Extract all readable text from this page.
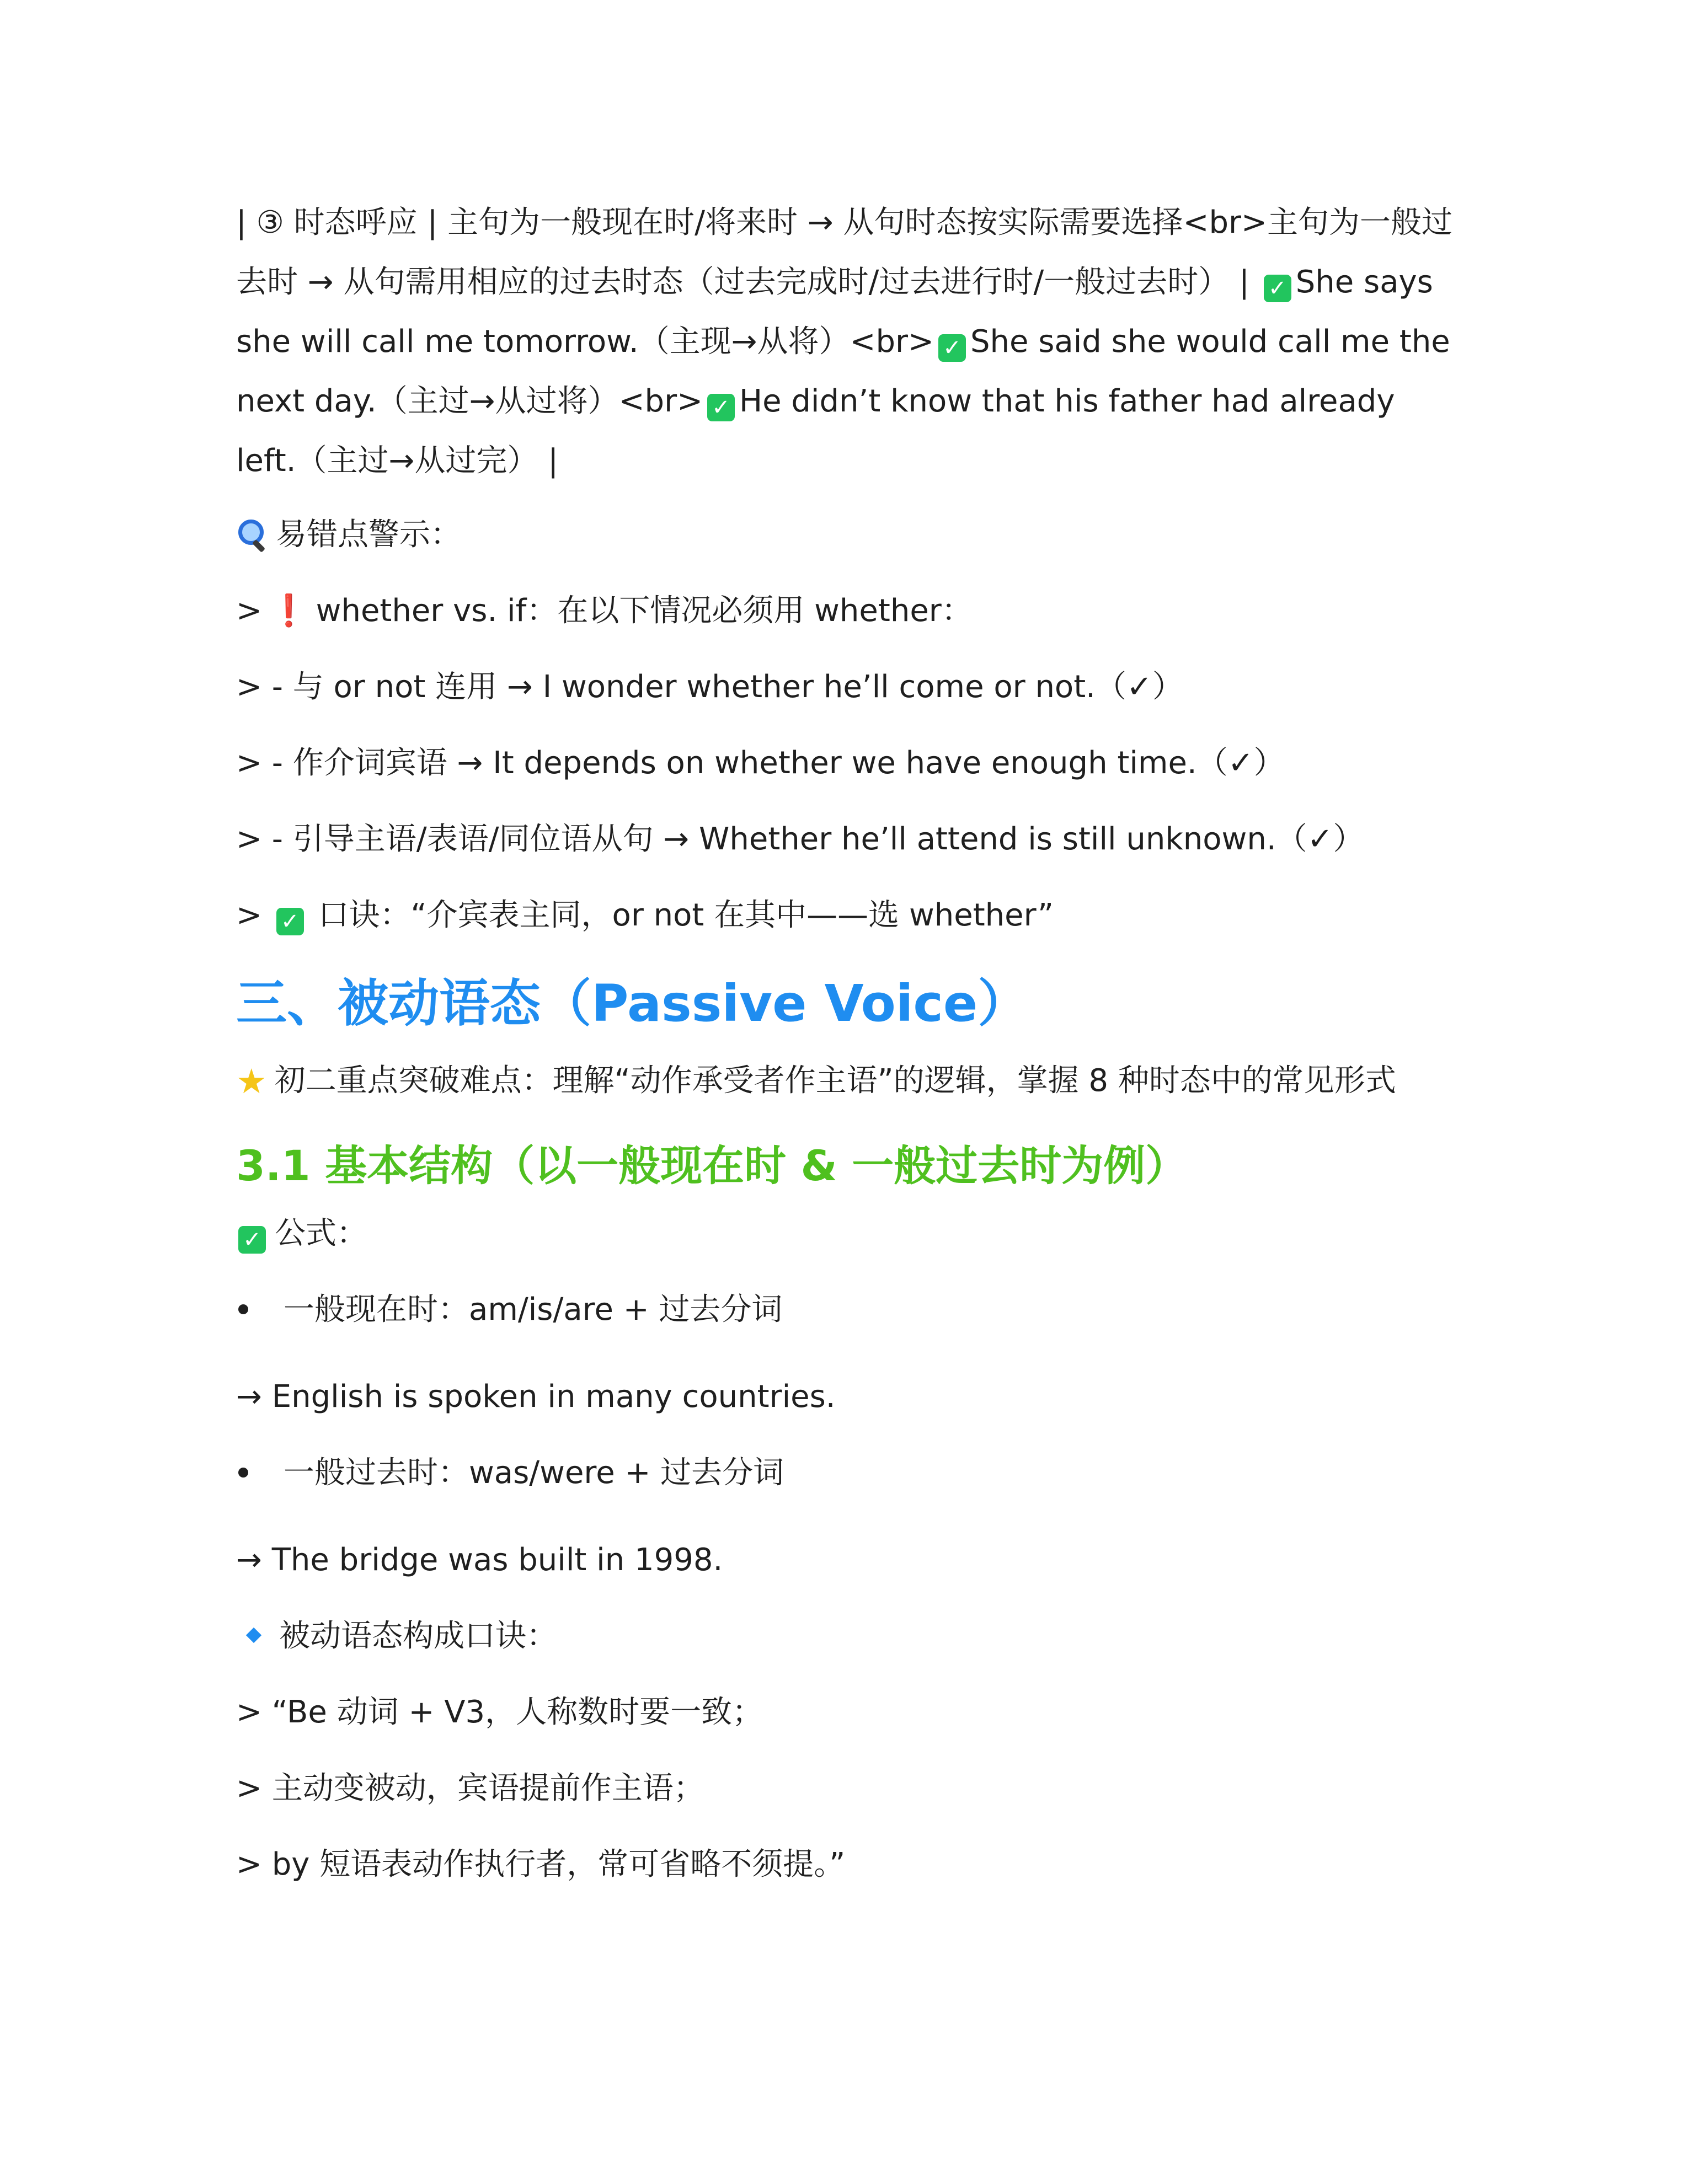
| ③ 时态呼应 | 主句为一般现在时/将来时 → 从句时态按实际需要选择<br>主句为一般过去时 → 从句需用相应的过去时态（过去完成时/过去进行时/一般过去时） | ✓ She says she will call me tomorrow.（主现→从将）<br> ✓ She said she would call me the next day.（主过→从过将）<br> ✓ He didn’t know that his father had already left.（主过→从过完） |

易错点警示：
> ❗ whether vs. if：在以下情况必须用 whether：
> - 与 or not 连用 → I wonder whether he’ll come or not.（✓）
> - 作介词宾语 → It depends on whether we have enough time.（✓）
> - 引导主语/表语/同位语从句 → Whether he’ll attend is still unknown.（✓）
> ✓ 口诀：“介宾表主同，or not 在其中——选 whether”
三、被动语态（Passive Voice）
★ 初二重点突破难点：理解“动作承受者作主语”的逻辑，掌握 8 种时态中的常见形式
3.1 基本结构（以一般现在时 & 一般过去时为例）
✓ 公式：
一般现在时：am/is/are + 过去分词
→ English is spoken in many countries.
一般过去时：was/were + 过去分词
→ The bridge was built in 1998.
被动语态构成口诀：
> “Be 动词 + V3，人称数时要一致；
> 主动变被动，宾语提前作主语；
> by 短语表动作执行者，常可省略不须提。”
